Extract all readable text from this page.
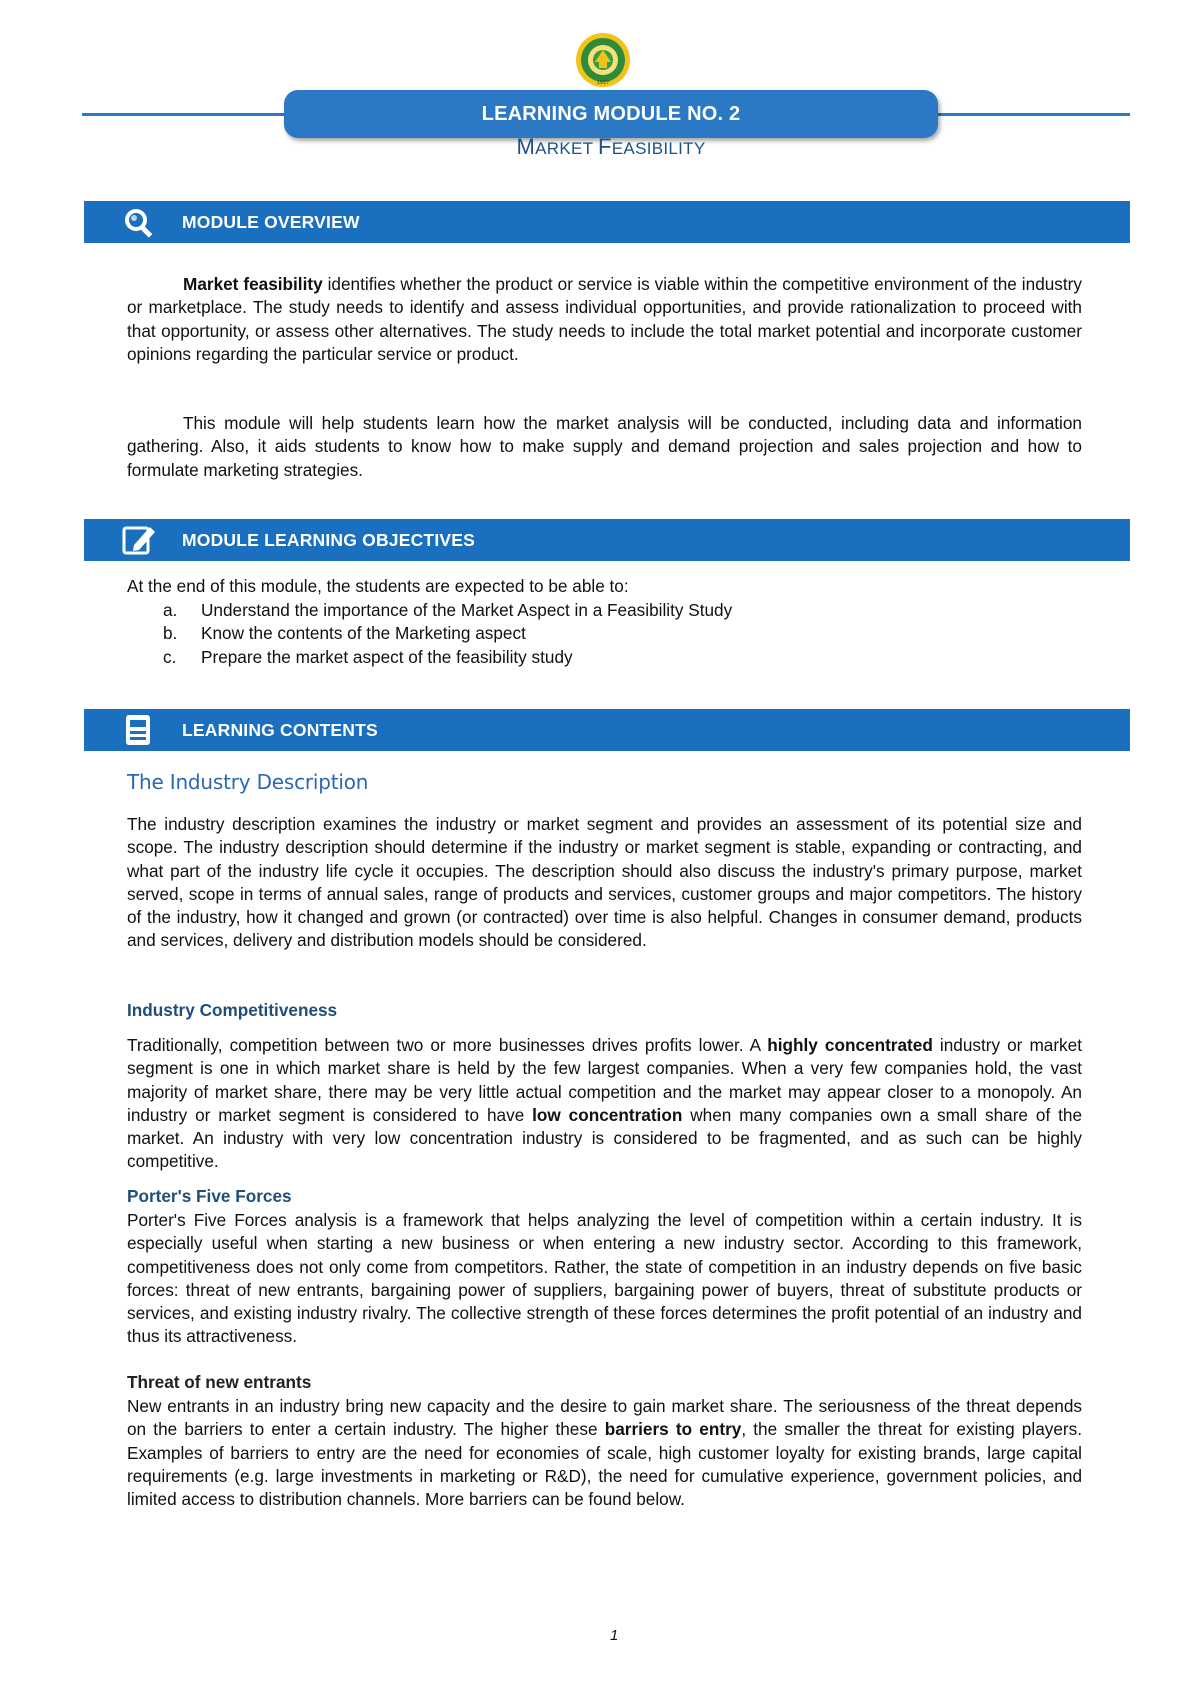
1927
LEARNING MODULE NO. 2
MARKET FEASIBILITY
MODULE OVERVIEW
Market feasibility identifies whether the product or service is viable within the competitive environment of the industry or marketplace. The study needs to identify and assess individual opportunities, and provide rationalization to proceed with that opportunity, or assess other alternatives. The study needs to include the total market potential and incorporate customer opinions regarding the particular service or product.
This module will help students learn how the market analysis will be conducted, including data and information gathering. Also, it aids students to know how to make supply and demand projection and sales projection and how to formulate marketing strategies.
MODULE LEARNING OBJECTIVES
At the end of this module, the students are expected to be able to:
a. Understand the importance of the Market Aspect in a Feasibility Study
b. Know the contents of the Marketing aspect
c. Prepare the market aspect of the feasibility study
LEARNING CONTENTS
The Industry Description
The industry description examines the industry or market segment and provides an assessment of its potential size and scope. The industry description should determine if the industry or market segment is stable, expanding or contracting, and what part of the industry life cycle it occupies. The description should also discuss the industry's primary purpose, market served, scope in terms of annual sales, range of products and services, customer groups and major competitors. The history of the industry, how it changed and grown (or contracted) over time is also helpful. Changes in consumer demand, products and services, delivery and distribution models should be considered.
Industry Competitiveness
Traditionally, competition between two or more businesses drives profits lower. A highly concentrated industry or market segment is one in which market share is held by the few largest companies. When a very few companies hold, the vast majority of market share, there may be very little actual competition and the market may appear closer to a monopoly. An industry or market segment is considered to have low concentration when many companies own a small share of the market. An industry with very low concentration industry is considered to be fragmented, and as such can be highly competitive.
Porter's Five Forces
Porter's Five Forces analysis is a framework that helps analyzing the level of competition within a certain industry. It is especially useful when starting a new business or when entering a new industry sector. According to this framework, competitiveness does not only come from competitors. Rather, the state of competition in an industry depends on five basic forces: threat of new entrants, bargaining power of suppliers, bargaining power of buyers, threat of substitute products or services, and existing industry rivalry. The collective strength of these forces determines the profit potential of an industry and thus its attractiveness.
Threat of new entrants
New entrants in an industry bring new capacity and the desire to gain market share. The seriousness of the threat depends on the barriers to enter a certain industry. The higher these barriers to entry, the smaller the threat for existing players. Examples of barriers to entry are the need for economies of scale, high customer loyalty for existing brands, large capital requirements (e.g. large investments in marketing or R&D), the need for cumulative experience, government policies, and limited access to distribution channels. More barriers can be found below.
1
